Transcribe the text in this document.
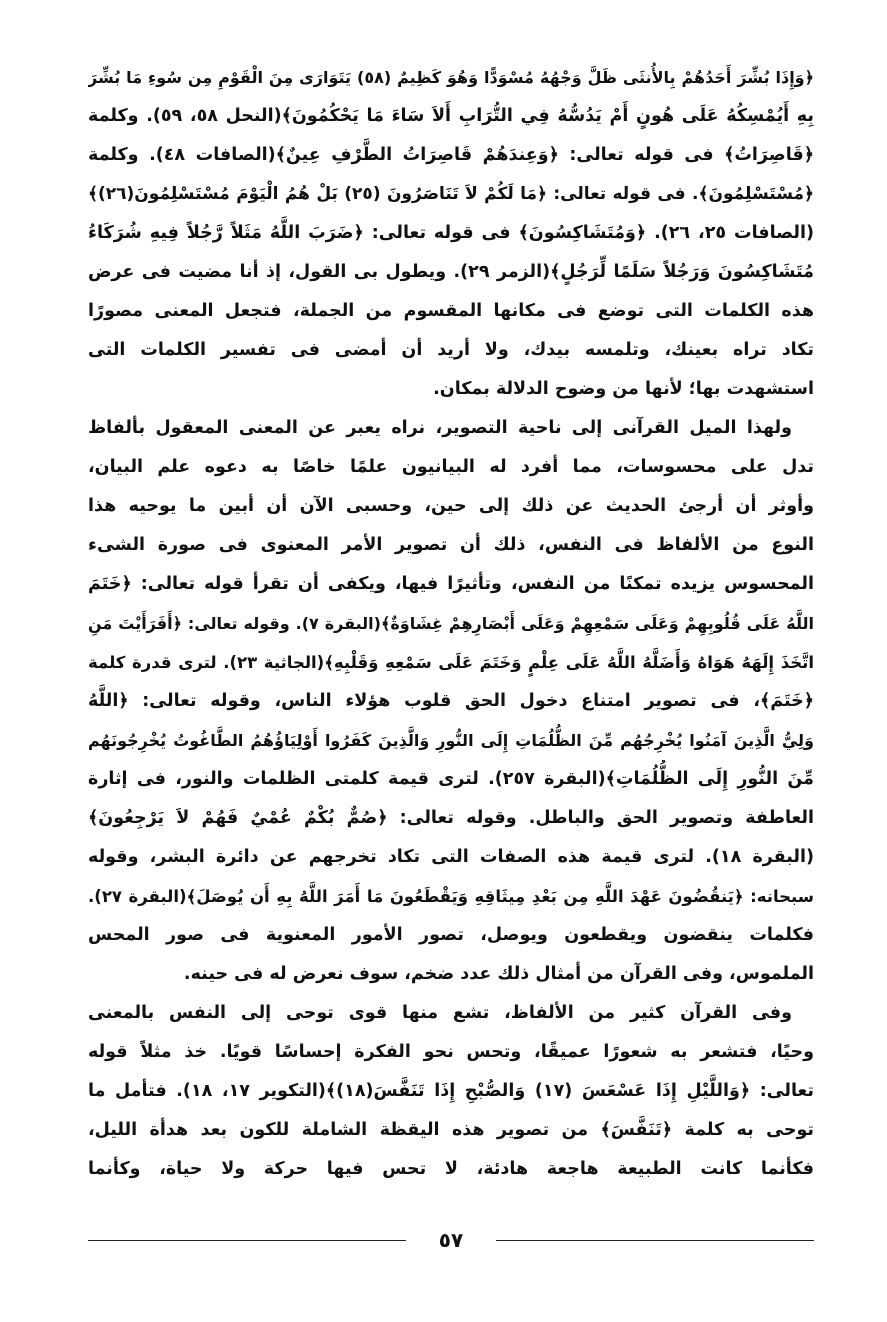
﴿وَإِذَا بُشِّرَ أَحَدُهُمْ بِالأُنثَى ظَلَّ وَجْهُهُ مُسْوَدًّا وَهُوَ كَظِيمٌ (٥٨) يَتَوَارَى مِنَ الْقَوْمِ مِن سُوءِ مَا بُشِّرَ
بِهِ أَيُمْسِكُهُ عَلَى هُونٍ أَمْ يَدُسُّهُ فِي التُّرَابِ أَلاَ سَاءَ مَا يَحْكُمُونَ﴾(النحل ٥٨، ٥٩). وكلمة
﴿قَاصِرَاتُ﴾ فى قوله تعالى: ﴿وَعِندَهُمْ قَاصِرَاتُ الطَّرْفِ عِينٌ﴾(الصافات ٤٨). وكلمة
﴿مُسْتَسْلِمُونَ﴾. فى قوله تعالى: ﴿مَا لَكُمْ لاَ تَنَاصَرُونَ (٢٥) بَلْ هُمُ الْيَوْمَ مُسْتَسْلِمُونَ(٢٦)﴾
(الصافات ٢٥، ٢٦). ﴿وَمُتَشَاكِسُونَ﴾ فى قوله تعالى: ﴿ضَرَبَ اللَّهُ مَثَلاً رَّجُلاً فِيهِ شُرَكَاءُ
مُتَشَاكِسُونَ وَرَجُلاً سَلَمًا لِّرَجُلٍ﴾(الزمر ٢٩). ويطول بى القول، إذ أنا مضيت فى عرض
هذه الكلمات التى توضع فى مكانها المقسوم من الجملة، فتجعل المعنى مصورًا
تكاد تراه بعينك، وتلمسه بيدك، ولا أريد أن أمضى فى تفسير الكلمات التى
استشهدت بها؛ لأنها من وضوح الدلالة بمكان.
ولهذا الميل القرآنى إلى ناحية التصوير، نراه يعبر عن المعنى المعقول بألفاظ
تدل على محسوسات، مما أفرد له البيانيون علمًا خاصًا به دعوه علم البيان،
وأوثر أن أرجئ الحديث عن ذلك إلى حين، وحسبى الآن أن أبين ما يوحيه هذا
النوع من الألفاظ فى النفس، ذلك أن تصوير الأمر المعنوى فى صورة الشىء
المحسوس يزيده تمكنًا من النفس، وتأثيرًا فيها، ويكفى أن تقرأ قوله تعالى: ﴿خَتَمَ
اللَّهُ عَلَى قُلُوبِهِمْ وَعَلَى سَمْعِهِمْ وَعَلَى أَبْصَارِهِمْ غِشَاوَةٌ﴾(البقرة ٧). وقوله تعالى: ﴿أَفَرَأَيْتَ مَنِ
اتَّخَذَ إِلَهَهُ هَوَاهُ وَأَضَلَّهُ اللَّهُ عَلَى عِلْمٍ وَخَتَمَ عَلَى سَمْعِهِ وَقَلْبِهِ﴾(الجاثية ٢٣). لترى قدرة كلمة
﴿خَتَمَ﴾، فى تصوير امتناع دخول الحق قلوب هؤلاء الناس، وقوله تعالى: ﴿اللَّهُ
وَلِيُّ الَّذِينَ آمَنُوا يُخْرِجُهُم مِّنَ الظُّلُمَاتِ إِلَى النُّورِ وَالَّذِينَ كَفَرُوا أَوْلِيَاؤُهُمُ الطَّاغُوتُ يُخْرِجُونَهُم
مِّنَ النُّورِ إِلَى الظُّلُمَاتِ﴾(البقرة ٢٥٧). لترى قيمة كلمتى الظلمات والنور، فى إثارة
العاطفة وتصوير الحق والباطل. وقوله تعالى: ﴿صُمٌّ بُكْمٌ عُمْيٌ فَهُمْ لاَ يَرْجِعُونَ﴾
(البقرة ١٨). لترى قيمة هذه الصفات التى تكاد تخرجهم عن دائرة البشر، وقوله
سبحانه: ﴿يَنقُضُونَ عَهْدَ اللَّهِ مِن بَعْدِ مِيثَاقِهِ وَيَقْطَعُونَ مَا أَمَرَ اللَّهُ بِهِ أَن يُوصَلَ﴾(البقرة ٢٧).
فكلمات ينقضون ويقطعون ويوصل، تصور الأمور المعنوية فى صور المحس
الملموس، وفى القرآن من أمثال ذلك عدد ضخم، سوف نعرض له فى حينه.
وفى القرآن كثير من الألفاظ، تشع منها قوى توحى إلى النفس بالمعنى
وحيًا، فتشعر به شعورًا عميقًا، وتحس نحو الفكرة إحساسًا قويًا. خذ مثلاً قوله
تعالى: ﴿وَاللَّيْلِ إِذَا عَسْعَسَ (١٧) وَالصُّبْحِ إِذَا تَنَفَّسَ(١٨)﴾(التكوير ١٧، ١٨). فتأمل ما
توحى به كلمة ﴿تَنَفَّسَ﴾ من تصوير هذه اليقظة الشاملة للكون بعد هدأة الليل،
فكأنما كانت الطبيعة هاجعة هادئة، لا تحس فيها حركة ولا حياة، وكأنما
٥٧
